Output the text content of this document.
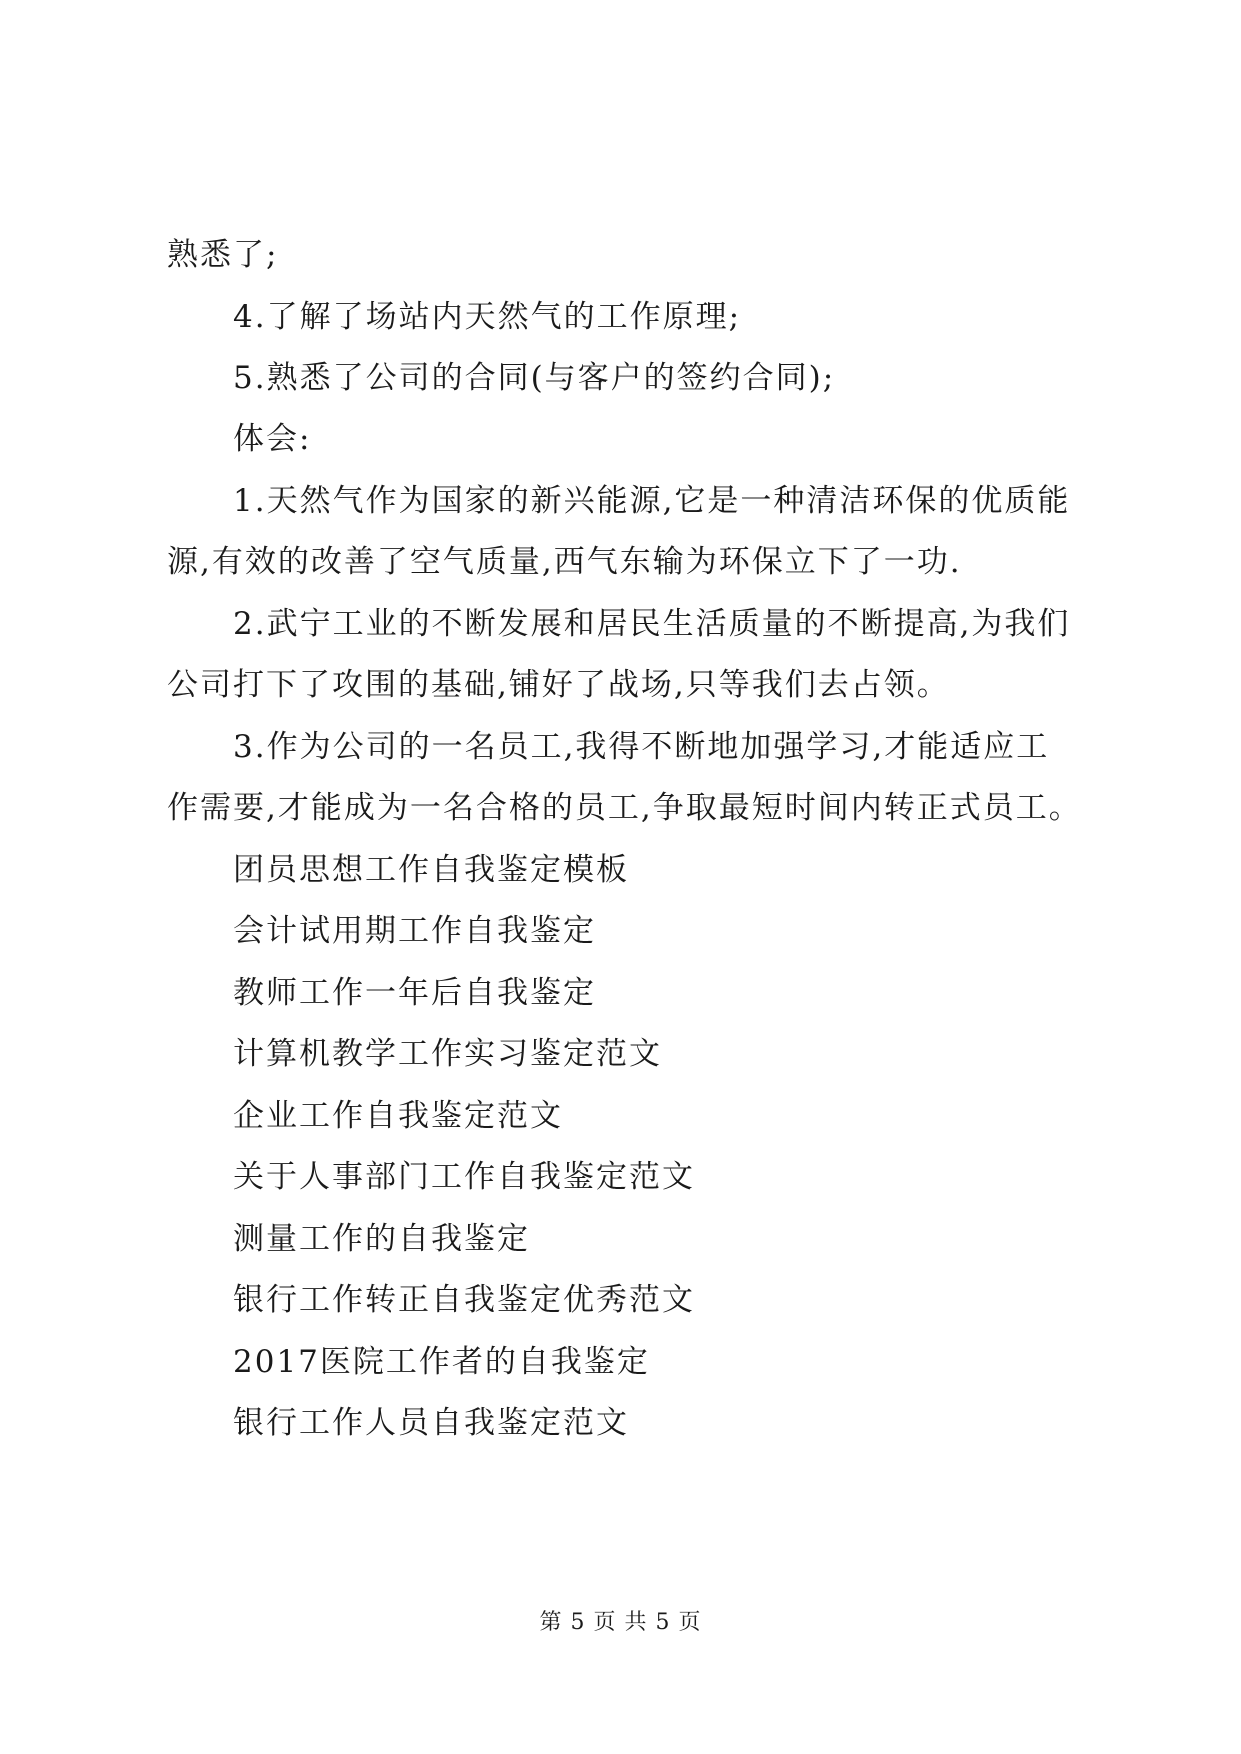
熟悉了;
4.了解了场站内天然气的工作原理;
5.熟悉了公司的合同(与客户的签约合同);
体会:
1.天然气作为国家的新兴能源,它是一种清洁环保的优质能
源,有效的改善了空气质量,西气东输为环保立下了一功.
2.武宁工业的不断发展和居民生活质量的不断提高,为我们
公司打下了攻围的基础,铺好了战场,只等我们去占领。
3.作为公司的一名员工,我得不断地加强学习,才能适应工
作需要,才能成为一名合格的员工,争取最短时间内转正式员工。
团员思想工作自我鉴定模板
会计试用期工作自我鉴定
教师工作一年后自我鉴定
计算机教学工作实习鉴定范文
企业工作自我鉴定范文
关于人事部门工作自我鉴定范文
测量工作的自我鉴定
银行工作转正自我鉴定优秀范文
2017医院工作者的自我鉴定
银行工作人员自我鉴定范文
第 5 页 共 5 页
